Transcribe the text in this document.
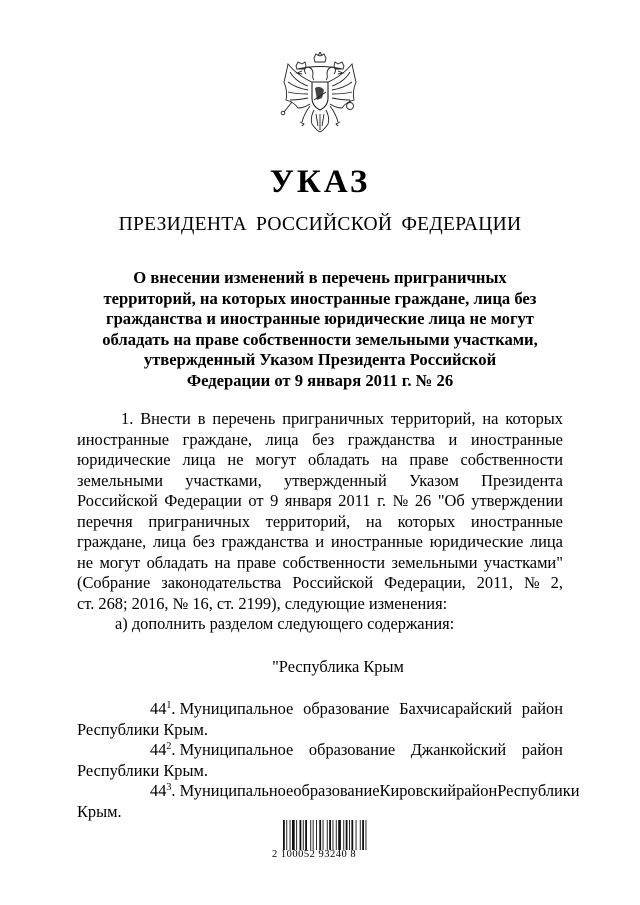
УКАЗ
ПРЕЗИДЕНТА РОССИЙСКОЙ ФЕДЕРАЦИИ
О внесении изменений в перечень приграничных
территорий, на которых иностранные граждане, лица без
гражданства и иностранные юридические лица не могут
обладать на праве собственности земельными участками,
утвержденный Указом Президента Российской
Федерации от 9 января 2011 г. № 26
1. Внести в перечень приграничных территорий, на которых
иностранные граждане, лица без гражданства и иностранные
юридические лица не могут обладать на праве собственности
земельными участками, утвержденный Указом Президента
Российской Федерации от 9 января 2011 г. № 26 "Об утверждении
перечня приграничных территорий, на которых иностранные
граждане, лица без гражданства и иностранные юридические лица
не могут обладать на праве собственности земельными участками"
(Собрание законодательства Российской Федерации, 2011, № 2,
ст. 268; 2016, № 16, ст. 2199), следующие изменения:
а) дополнить разделом следующего содержания:
"Республика Крым
$44^1$. Муниципальное образование Бахчисарайский район
Республики Крым.
$44^2$. Муниципальное образование Джанкойский район
Республики Крым.
$44^3$. Муниципальное образование Кировский район Республики
Крым.
2 100052 93240 8
